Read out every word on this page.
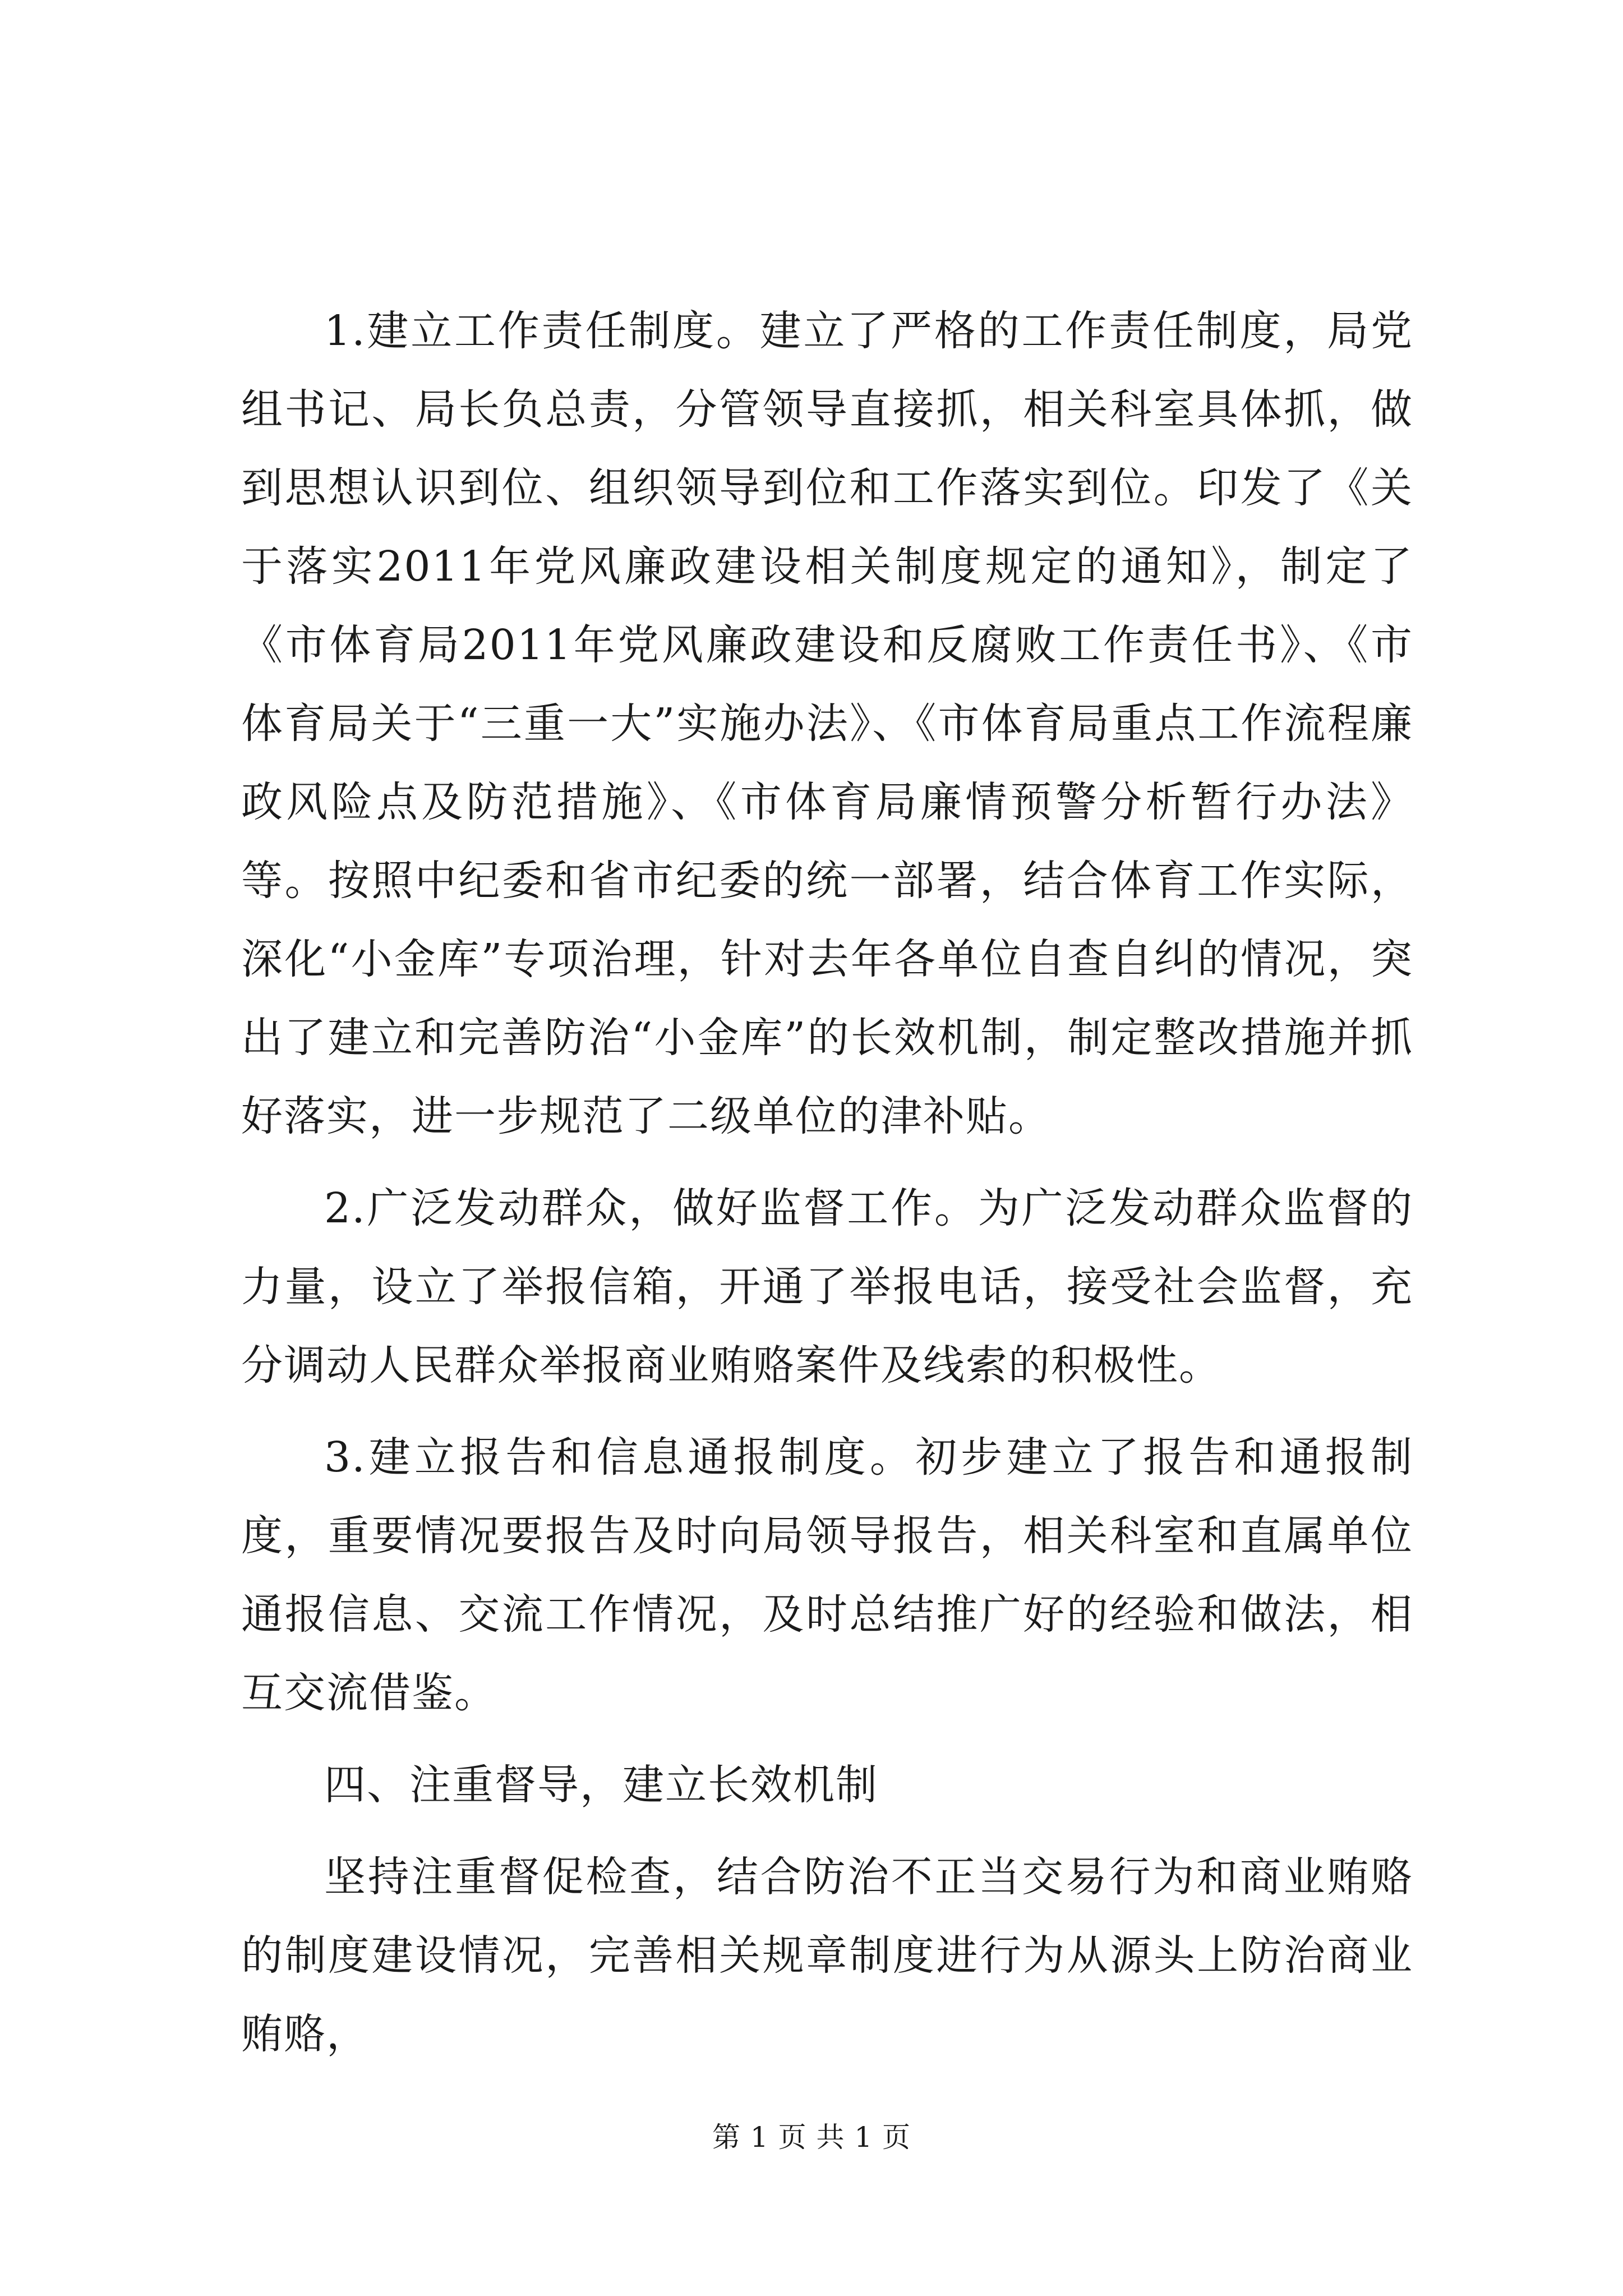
1.建立工作责任制度。建立了严格的工作责任制度，局党组书记、局长负总责，分管领导直接抓，相关科室具体抓，做到思想认识到位、组织领导到位和工作落实到位。印发了《关于落实2011年党风廉政建设相关制度规定的通知》，制定了《市体育局2011年党风廉政建设和反腐败工作责任书》、《市体育局关于“三重一大”实施办法》、《市体育局重点工作流程廉政风险点及防范措施》、《市体育局廉情预警分析暂行办法》等。按照中纪委和省市纪委的统一部署，结合体育工作实际，深化“小金库”专项治理，针对去年各单位自查自纠的情况，突出了建立和完善防治“小金库”的长效机制，制定整改措施并抓好落实，进一步规范了二级单位的津补贴。

2.广泛发动群众，做好监督工作。为广泛发动群众监督的力量，设立了举报信箱，开通了举报电话，接受社会监督，充分调动人民群众举报商业贿赂案件及线索的积极性。

3.建立报告和信息通报制度。初步建立了报告和通报制度，重要情况要报告及时向局领导报告，相关科室和直属单位通报信息、交流工作情况，及时总结推广好的经验和做法，相互交流借鉴。

四、注重督导，建立长效机制

坚持注重督促检查，结合防治不正当交易行为和商业贿赂的制度建设情况，完善相关规章制度进行为从源头上防治商业贿赂，

第 1 页 共 1 页
